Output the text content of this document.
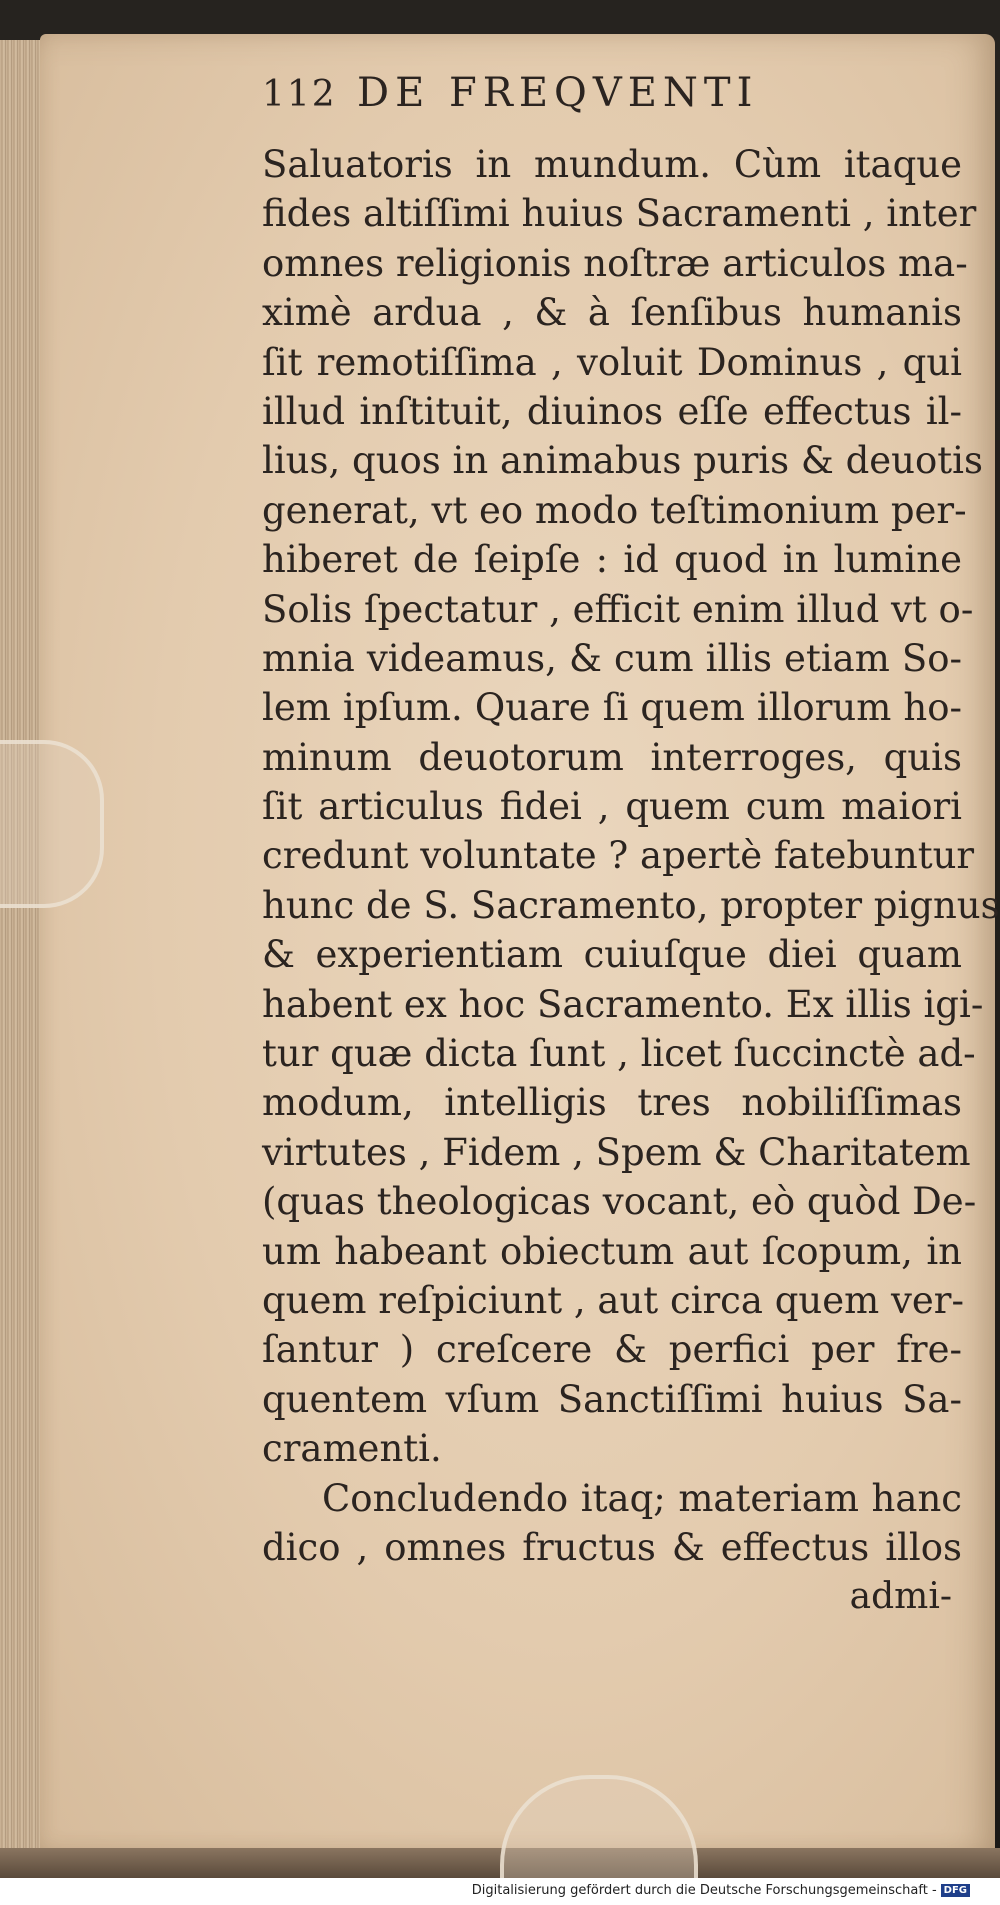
112 DE FREQVENTI
Saluatoris in mundum. Cùm itaque
fides altiſſimi huius Sacramenti , inter
omnes religionis noſtræ articulos ma-
ximè ardua , & à ſenſibus humanis
ſit remotiſſima , voluit Dominus , qui
illud inſtituit, diuinos eſſe effectus il-
lius, quos in animabus puris & deuotis
generat, vt eo modo teſtimonium per-
hiberet de ſeipſe : id quod in lumine
Solis ſpectatur , efficit enim illud vt o-
mnia videamus, & cum illis etiam So-
lem ipſum. Quare ſi quem illorum ho-
minum deuotorum interroges, quis
ſit articulus fidei , quem cum maiori
credunt voluntate ? apertè fatebuntur
hunc de S. Sacramento, propter pignus
& experientiam cuiuſque diei quam
habent ex hoc Sacramento. Ex illis igi-
tur quæ dicta ſunt , licet ſuccinctè ad-
modum, intelligis tres nobiliſſimas
virtutes , Fidem , Spem & Charitatem
(quas theologicas vocant, eò quòd De-
um habeant obiectum aut ſcopum, in
quem reſpiciunt , aut circa quem ver-
ſantur ) creſcere & perfici per fre-
quentem vſum Sanctiſſimi huius Sa-
cramenti.
Concludendo itaq; materiam hanc
dico , omnes fructus & effectus illos
admi-
Digitalisierung gefördert durch die Deutsche Forschungsgemeinschaft - DFG
